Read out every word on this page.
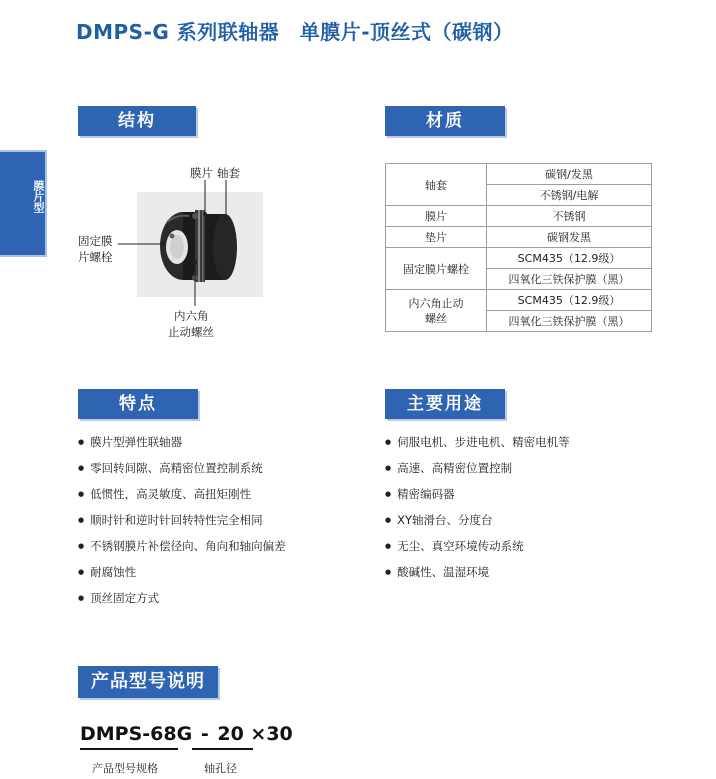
DMPS-G 系列联轴器　单膜片-顶丝式（碳钢）
膜片型
结构
膜片 轴套
固定膜
片螺栓
内六角
止动螺丝
材质
轴套	碳钢/发黑
	不锈钢/电解
膜片	不锈钢
垫片	碳钢发黑
固定膜片螺栓	SCM435（12.9级）
	四氧化三铁保护膜（黑）
内六角止动
螺丝	SCM435（12.9级）
	四氧化三铁保护膜（黑）
特点
● 膜片型弹性联轴器
● 零回转间隙、高精密位置控制系统
● 低惯性，高灵敏度、高扭矩刚性
● 顺时针和逆时针回转特性完全相同
● 不锈钢膜片补偿径向、角向和轴向偏差
● 耐腐蚀性
● 顶丝固定方式
主要用途
● 伺服电机、步进电机、精密电机等
● 高速、高精密位置控制
● 精密编码器
● XY轴滑台、分度台
● 无尘、真空环境传动系统
● 酸碱性、温湿环境
产品型号说明
DMPS-68G - 20 ×30
产品型号规格	轴孔径
